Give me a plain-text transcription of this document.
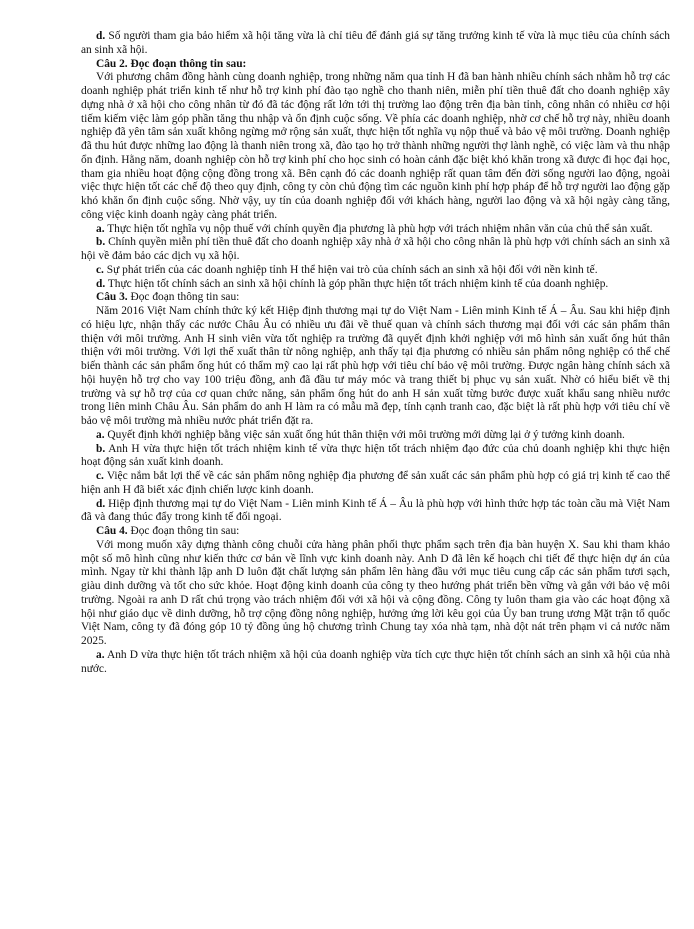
d. Số người tham gia bảo hiểm xã hội tăng vừa là chỉ tiêu để đánh giá sự tăng trưởng kinh tế vừa là mục tiêu của chính sách an sinh xã hội.

Câu 2. Đọc đoạn thông tin sau:

Với phương châm đồng hành cùng doanh nghiệp, trong những năm qua tỉnh H đã ban hành nhiều chính sách nhằm hỗ trợ các doanh nghiệp phát triển kinh tế như hỗ trợ kinh phí đào tạo nghề cho thanh niên, miễn phí tiền thuê đất cho doanh nghiệp xây dựng nhà ở xã hội cho công nhân từ đó đã tác động rất lớn tới thị trường lao động trên địa bàn tỉnh, công nhân có nhiều cơ hội tiếm kiếm việc làm góp phần tăng thu nhập và ổn định cuộc sống. Về phía các doanh nghiệp, nhờ cơ chế hỗ trợ này, nhiều doanh nghiệp đã yên tâm sản xuất không ngừng mở rộng sản xuất, thực hiện tốt nghĩa vụ nộp thuế và bảo vệ môi trường. Doanh nghiệp đã thu hút được những lao động là thanh niên trong xã, đào tạo họ trở thành những người thợ lành nghề, có việc làm và thu nhập ổn định. Hằng năm, doanh nghiệp còn hỗ trợ kinh phí cho học sinh có hoàn cảnh đặc biệt khó khăn trong xã được đi học đại học, tham gia nhiều hoạt động cộng đồng trong xã. Bên cạnh đó các doanh nghiệp rất quan tâm đến đời sống người lao động, ngoài việc thực hiện tốt các chế độ theo quy định, công ty còn chủ động tìm các nguồn kinh phí hợp pháp để hỗ trợ người lao động gặp khó khăn ổn định cuộc sống. Nhờ vậy, uy tín của doanh nghiệp đối với khách hàng, người lao động và xã hội ngày càng tăng, công việc kinh doanh ngày càng phát triển.

a. Thực hiện tốt nghĩa vụ nộp thuế với chính quyền địa phương là phù hợp với trách nhiệm nhân văn của chủ thể sản xuất.

b. Chính quyền miễn phí tiền thuê đất cho doanh nghiệp xây nhà ở xã hội cho công nhân là phù hợp với chính sách an sinh xã hội về đảm bảo các dịch vụ xã hội.

c. Sự phát triển của các doanh nghiệp tỉnh H thể hiện vai trò của chính sách an sinh xã hội đối với nền kinh tế.

d. Thực hiện tốt chính sách an sinh xã hội chính là góp phần thực hiện tốt trách nhiệm kinh tế của doanh nghiệp.

Câu 3. Đọc đoạn thông tin sau:

Năm 2016 Việt Nam chính thức ký kết Hiệp định thương mại tự do Việt Nam - Liên minh Kinh tế Á – Âu. Sau khi hiệp định có hiệu lực, nhận thấy các nước Châu Âu có nhiều ưu đãi về thuế quan và chính sách thương mại đối với các sản phẩm thân thiện với môi trường. Anh H sinh viên vừa tốt nghiệp ra trường đã quyết định khởi nghiệp với mô hình sản xuất ống hút thân thiện với môi trường. Với lợi thế xuất thân từ nông nghiệp, anh thấy tại địa phương có nhiều sản phẩm nông nghiệp có thể chế biến thành các sản phẩm ống hút có thẩm mỹ cao lại rất phù hợp với tiêu chí bảo vệ môi trường. Được ngân hàng chính sách xã hội huyện hỗ trợ cho vay 100 triệu đồng, anh đã đầu tư máy móc và trang thiết bị phục vụ sản xuất. Nhờ có hiểu biết về thị trường và sự hỗ trợ của cơ quan chức năng, sản phẩm ống hút do anh H sản xuất từng bước được xuất khẩu sang nhiều nước trong liên minh Châu Âu. Sản phẩm do anh H làm ra có mẫu mã đẹp, tính cạnh tranh cao, đặc biệt là rất phù hợp với tiêu chí về bảo vệ môi trường mà nhiều nước phát triển đặt ra.

a. Quyết định khởi nghiệp bằng việc sản xuất ống hút thân thiện với môi trường mới dừng lại ở ý tưởng kinh doanh.

b. Anh H vừa thực hiện tốt trách nhiệm kinh tế vừa thực hiện tốt trách nhiệm đạo đức của chủ doanh nghiệp khi thực hiện hoạt động sản xuất kinh doanh.

c. Việc nắm bắt lợi thế về các sản phẩm nông nghiệp địa phương để sản xuất các sản phẩm phù hợp có giá trị kinh tế cao thể hiện anh H đã biết xác định chiến lược kinh doanh.

d. Hiệp định thương mại tự do Việt Nam - Liên minh Kinh tế Á – Âu là phù hợp với hình thức hợp tác toàn cầu mà Việt Nam đã và đang thúc đẩy trong kinh tế đối ngoại.

Câu 4. Đọc đoạn thông tin sau:

Với mong muốn xây dựng thành công chuỗi cửa hàng phân phối thực phẩm sạch trên địa bàn huyện X. Sau khi tham khảo một số mô hình cũng như kiến thức cơ bản về lĩnh vực kinh doanh này. Anh D đã lên kế hoạch chi tiết để thực hiện dự án của mình. Ngay từ khi thành lập anh D luôn đặt chất lượng sản phẩm lên hàng đầu với mục tiêu cung cấp các sản phẩm tươi sạch, giàu dinh dưỡng và tốt cho sức khỏe. Hoạt động kinh doanh của công ty theo hướng phát triển bền vững và gắn với bảo vệ môi trường. Ngoài ra anh D rất chú trọng vào trách nhiệm đối với xã hội và cộng đồng. Công ty luôn tham gia vào các hoạt động xã hội như giáo dục về dinh dưỡng, hỗ trợ cộng đồng nông nghiệp, hưởng ứng lời kêu gọi của Ủy ban trung ương Mặt trận tổ quốc Việt Nam, công ty đã đóng góp 10 tỷ đồng ủng hộ chương trình Chung tay xóa nhà tạm, nhà dột nát trên phạm vi cả nước năm 2025.

a. Anh D vừa thực hiện tốt trách nhiệm xã hội của doanh nghiệp vừa tích cực thực hiện tốt chính sách an sinh xã hội của nhà nước.
